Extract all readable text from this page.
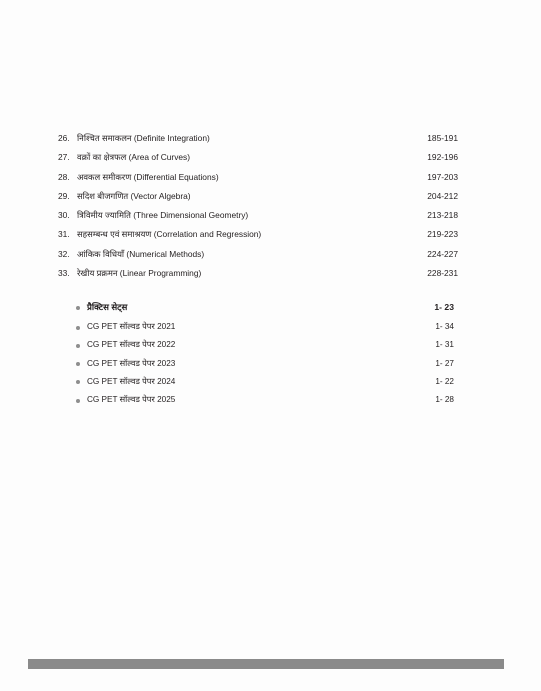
26. निश्चित समाकलन (Definite Integration)	185-191
27. वक्रों का क्षेत्रफल (Area of Curves)	192-196
28. अवकल समीकरण (Differential Equations)	197-203
29. सदिश बीजगणित (Vector Algebra)	204-212
30. त्रिविमीय ज्यामिति (Three Dimensional Geometry)	213-218
31. सहसम्बन्ध एवं समाश्रयण (Correlation and Regression)	219-223
32. आंकिक विधियाँ (Numerical Methods)	224-227
33. रेखीय प्रक्रमन (Linear Programming)	228-231
प्रैक्टिस सेट्स	1- 23
CG PET सॉल्वड पेपर 2021	1- 34
CG PET सॉल्वड पेपर 2022	1- 31
CG PET सॉल्वड पेपर 2023	1- 27
CG PET सॉल्वड पेपर 2024	1- 22
CG PET सॉल्वड पेपर 2025	1- 28
